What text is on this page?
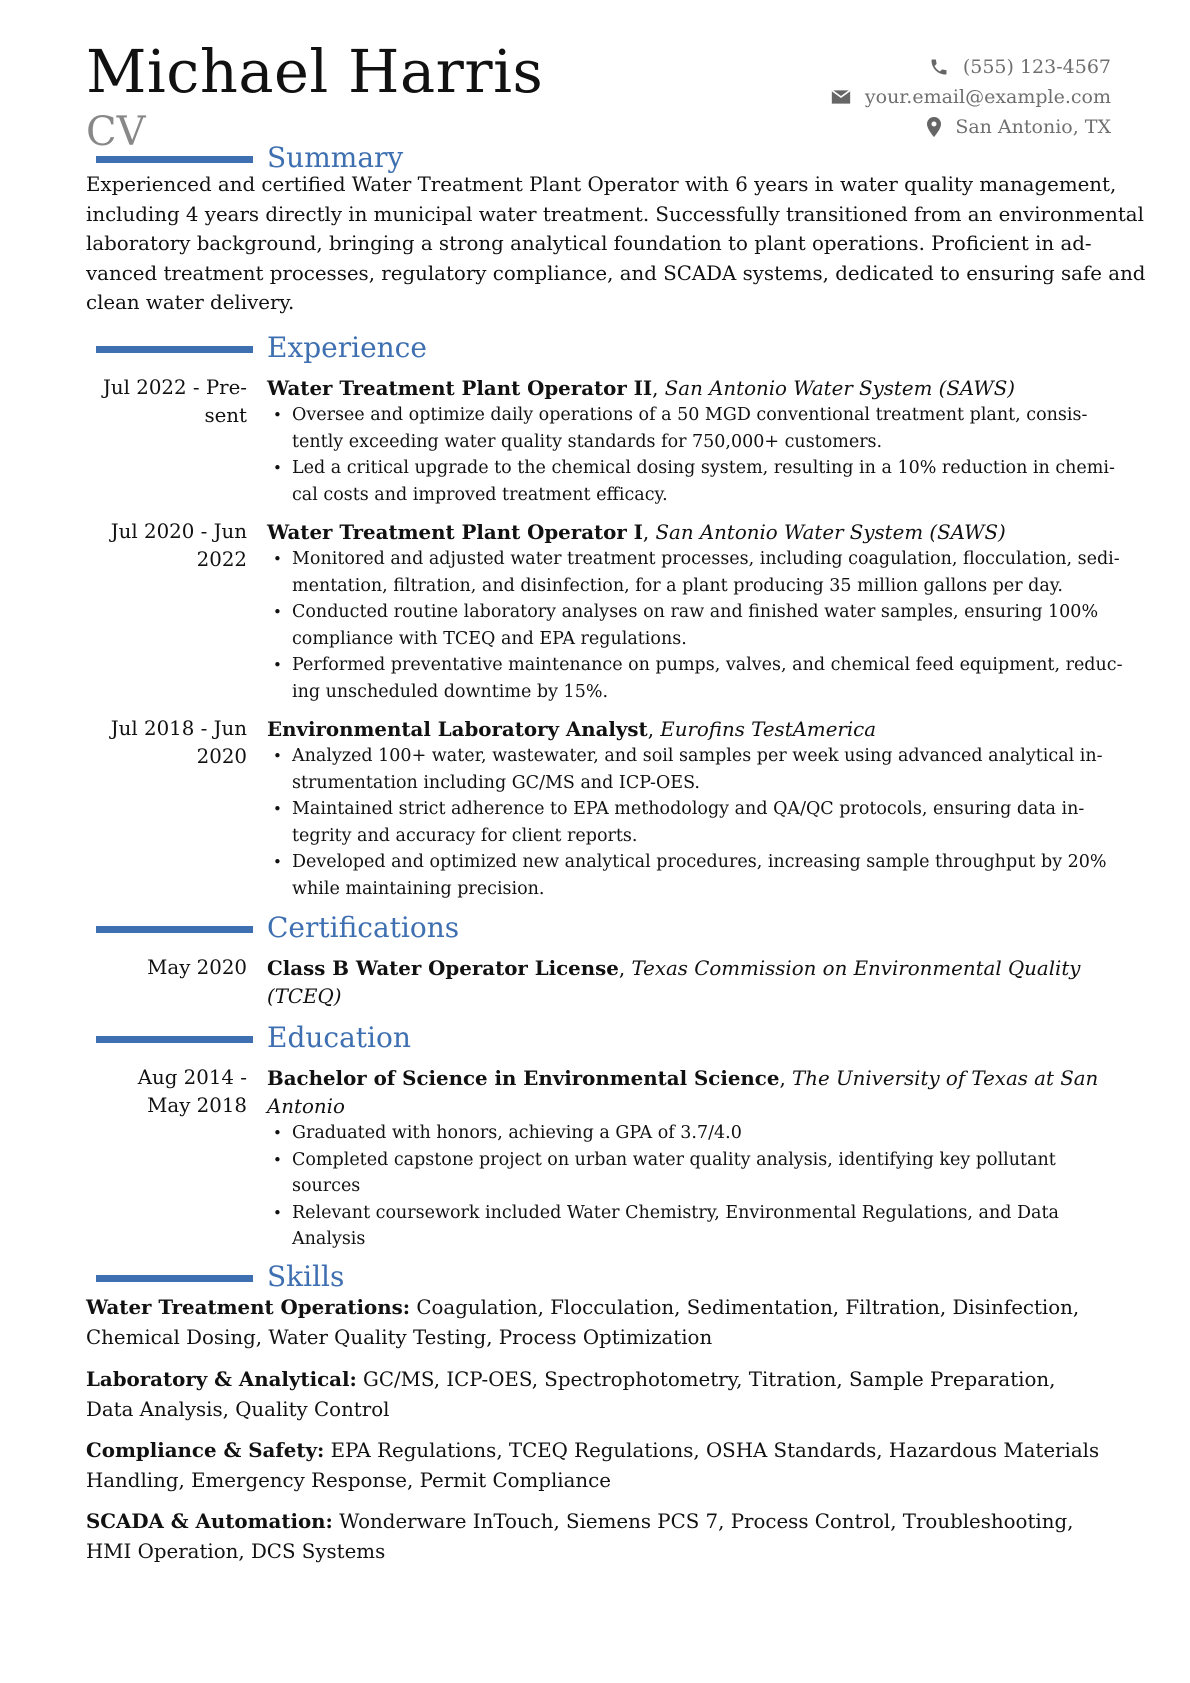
Michael Harris
CV
(555) 123-4567
your.email@example.com
San Antonio, TX
Summary
Experienced and certified Water Treatment Plant Operator with 6 years in water quality management,
including 4 years directly in municipal water treatment. Successfully transitioned from an environmental
laboratory background, bringing a strong analytical foundation to plant operations. Proficient in ad-
vanced treatment processes, regulatory compliance, and SCADA systems, dedicated to ensuring safe and
clean water delivery.
Experience
Jul 2022 - Pre-
sent
Water Treatment Plant Operator II, San Antonio Water System (SAWS)
• Oversee and optimize daily operations of a 50 MGD conventional treatment plant, consis-
tently exceeding water quality standards for 750,000+ customers.
• Led a critical upgrade to the chemical dosing system, resulting in a 10% reduction in chemi-
cal costs and improved treatment efficacy.
Jul 2020 - Jun
2022
Water Treatment Plant Operator I, San Antonio Water System (SAWS)
• Monitored and adjusted water treatment processes, including coagulation, flocculation, sedi-
mentation, filtration, and disinfection, for a plant producing 35 million gallons per day.
• Conducted routine laboratory analyses on raw and finished water samples, ensuring 100%
compliance with TCEQ and EPA regulations.
• Performed preventative maintenance on pumps, valves, and chemical feed equipment, reduc-
ing unscheduled downtime by 15%.
Jul 2018 - Jun
2020
Environmental Laboratory Analyst, Eurofins TestAmerica
• Analyzed 100+ water, wastewater, and soil samples per week using advanced analytical in-
strumentation including GC/MS and ICP-OES.
• Maintained strict adherence to EPA methodology and QA/QC protocols, ensuring data in-
tegrity and accuracy for client reports.
• Developed and optimized new analytical procedures, increasing sample throughput by 20%
while maintaining precision.
Certifications
May 2020 Class B Water Operator License, Texas Commission on Environmental Quality
(TCEQ)
Education
Aug 2014 -
May 2018
Bachelor of Science in Environmental Science, The University of Texas at San
Antonio
• Graduated with honors, achieving a GPA of 3.7/4.0
• Completed capstone project on urban water quality analysis, identifying key pollutant
sources
• Relevant coursework included Water Chemistry, Environmental Regulations, and Data
Analysis
Skills
Water Treatment Operations: Coagulation, Flocculation, Sedimentation, Filtration, Disinfection,
Chemical Dosing, Water Quality Testing, Process Optimization
Laboratory & Analytical: GC/MS, ICP-OES, Spectrophotometry, Titration, Sample Preparation,
Data Analysis, Quality Control
Compliance & Safety: EPA Regulations, TCEQ Regulations, OSHA Standards, Hazardous Materials
Handling, Emergency Response, Permit Compliance
SCADA & Automation: Wonderware InTouch, Siemens PCS 7, Process Control, Troubleshooting,
HMI Operation, DCS Systems
